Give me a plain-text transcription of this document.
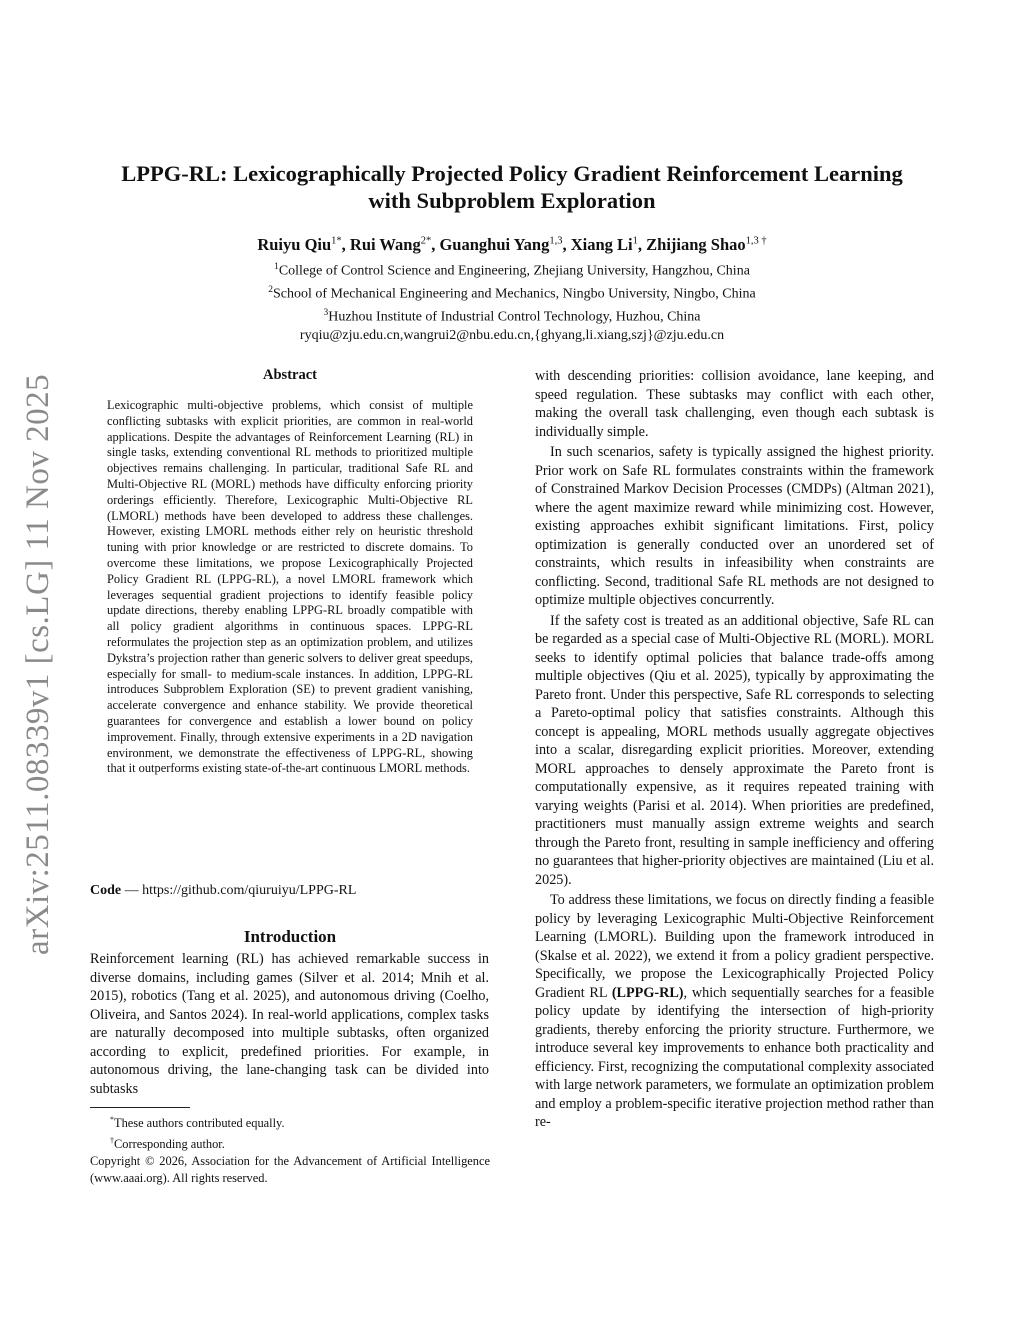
arXiv:2511.08339v1 [cs.LG] 11 Nov 2025
LPPG-RL: Lexicographically Projected Policy Gradient Reinforcement Learning
with Subproblem Exploration
Ruiyu Qiu$^{1*}$, Rui Wang$^{2*}$, Guanghui Yang$^{1,3}$, Xiang Li$^1$, Zhijiang Shao$^{1,3 \dagger}$
$^1$College of Control Science and Engineering, Zhejiang University, Hangzhou, China
$^2$School of Mechanical Engineering and Mechanics, Ningbo University, Ningbo, China
$^3$Huzhou Institute of Industrial Control Technology, Huzhou, China
ryqiu@zju.edu.cn,wangrui2@nbu.edu.cn,{ghyang,li.xiang,szj}@zju.edu.cn
Abstract
Lexicographic multi-objective problems, which consist of multiple conflicting subtasks with explicit priorities, are common in real-world applications. Despite the advantages of Reinforcement Learning (RL) in single tasks, extending conventional RL methods to prioritized multiple objectives remains challenging. In particular, traditional Safe RL and Multi-Objective RL (MORL) methods have difficulty enforcing priority orderings efficiently. Therefore, Lexicographic Multi-Objective RL (LMORL) methods have been developed to address these challenges. However, existing LMORL methods either rely on heuristic threshold tuning with prior knowledge or are restricted to discrete domains. To overcome these limitations, we propose Lexicographically Projected Policy Gradient RL (LPPG-RL), a novel LMORL framework which leverages sequential gradient projections to identify feasible policy update directions, thereby enabling LPPG-RL broadly compatible with all policy gradient algorithms in continuous spaces. LPPG-RL reformulates the projection step as an optimization problem, and utilizes Dykstra’s projection rather than generic solvers to deliver great speedups, especially for small- to medium-scale instances. In addition, LPPG-RL introduces Subproblem Exploration (SE) to prevent gradient vanishing, accelerate convergence and enhance stability. We provide theoretical guarantees for convergence and establish a lower bound on policy improvement. Finally, through extensive experiments in a 2D navigation environment, we demonstrate the effectiveness of LPPG-RL, showing that it outperforms existing state-of-the-art continuous LMORL methods.
Code — https://github.com/qiuruiyu/LPPG-RL
Introduction
Reinforcement learning (RL) has achieved remarkable success in diverse domains, including games (Silver et al. 2014; Mnih et al. 2015), robotics (Tang et al. 2025), and autonomous driving (Coelho, Oliveira, and Santos 2024). In real-world applications, complex tasks are naturally decomposed into multiple subtasks, often organized according to explicit, predefined priorities. For example, in autonomous driving, the lane-changing task can be divided into subtasks
*These authors contributed equally.
†Corresponding author.
Copyright © 2026, Association for the Advancement of Artificial Intelligence (www.aaai.org). All rights reserved.

with descending priorities: collision avoidance, lane keeping, and speed regulation. These subtasks may conflict with each other, making the overall task challenging, even though each subtask is individually simple.

In such scenarios, safety is typically assigned the highest priority. Prior work on Safe RL formulates constraints within the framework of Constrained Markov Decision Processes (CMDPs) (Altman 2021), where the agent maximize reward while minimizing cost. However, existing approaches exhibit significant limitations. First, policy optimization is generally conducted over an unordered set of constraints, which results in infeasibility when constraints are conflicting. Second, traditional Safe RL methods are not designed to optimize multiple objectives concurrently.

If the safety cost is treated as an additional objective, Safe RL can be regarded as a special case of Multi-Objective RL (MORL). MORL seeks to identify optimal policies that balance trade-offs among multiple objectives (Qiu et al. 2025), typically by approximating the Pareto front. Under this perspective, Safe RL corresponds to selecting a Pareto-optimal policy that satisfies constraints. Although this concept is appealing, MORL methods usually aggregate objectives into a scalar, disregarding explicit priorities. Moreover, extending MORL approaches to densely approximate the Pareto front is computationally expensive, as it requires repeated training with varying weights (Parisi et al. 2014). When priorities are predefined, practitioners must manually assign extreme weights and search through the Pareto front, resulting in sample inefficiency and offering no guarantees that higher-priority objectives are maintained (Liu et al. 2025).

To address these limitations, we focus on directly finding a feasible policy by leveraging Lexicographic Multi-Objective Reinforcement Learning (LMORL). Building upon the framework introduced in (Skalse et al. 2022), we extend it from a policy gradient perspective. Specifically, we propose the Lexicographically Projected Policy Gradient RL (LPPG-RL), which sequentially searches for a feasible policy update by identifying the intersection of high-priority gradients, thereby enforcing the priority structure. Furthermore, we introduce several key improvements to enhance both practicality and efficiency. First, recognizing the computational complexity associated with large network parameters, we formulate an optimization problem and employ a problem-specific iterative projection method rather than re-
